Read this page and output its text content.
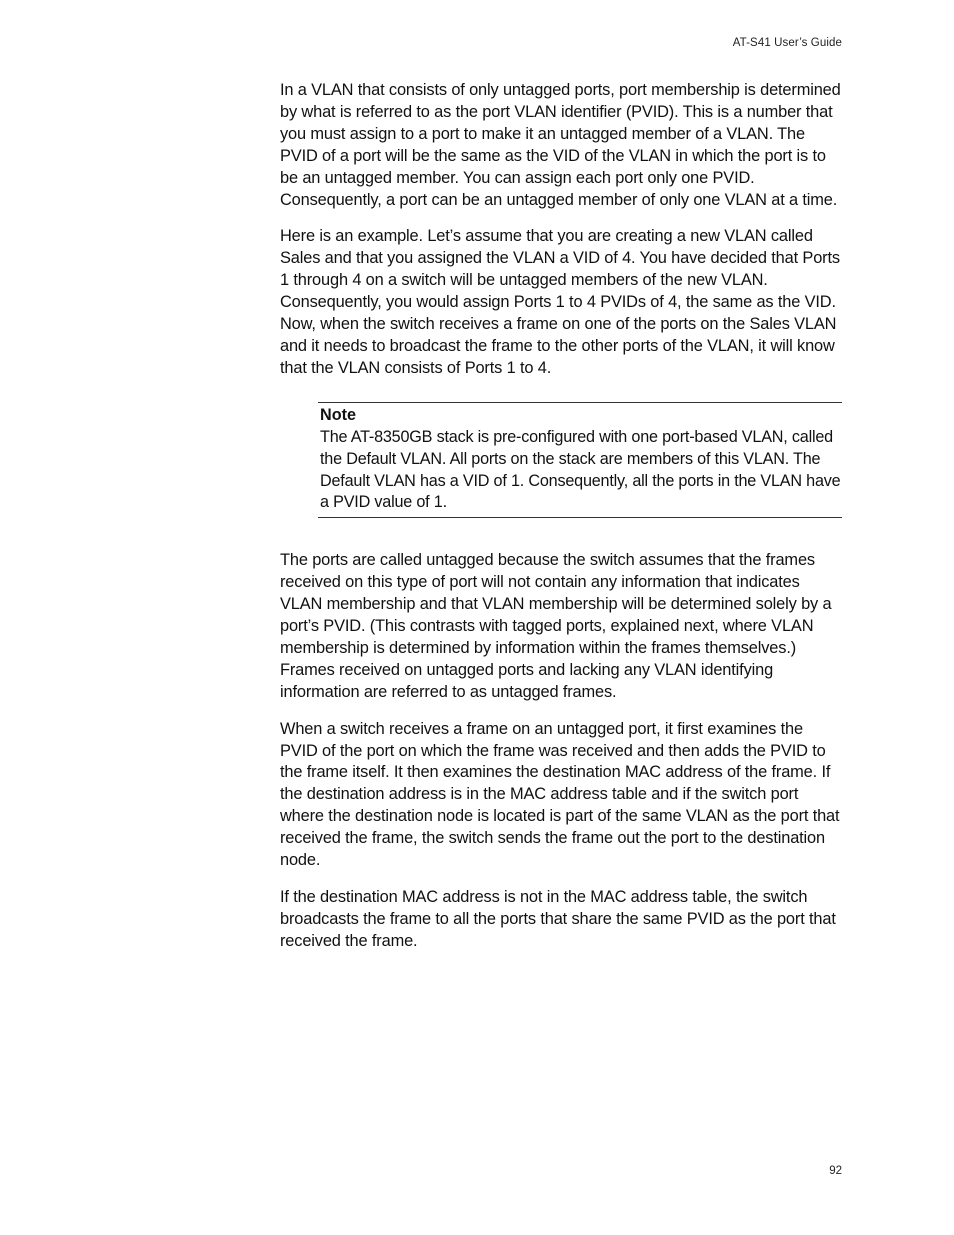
AT-S41 User’s Guide

In a VLAN that consists of only untagged ports, port membership is determined by what is referred to as the port VLAN identifier (PVID). This is a number that you must assign to a port to make it an untagged member of a VLAN. The PVID of a port will be the same as the VID of the VLAN in which the port is to be an untagged member. You can assign each port only one PVID. Consequently, a port can be an untagged member of only one VLAN at a time.

Here is an example. Let’s assume that you are creating a new VLAN called Sales and that you assigned the VLAN a VID of 4. You have decided that Ports 1 through 4 on a switch will be untagged members of the new VLAN. Consequently, you would assign Ports 1 to 4 PVIDs of 4, the same as the VID. Now, when the switch receives a frame on one of the ports on the Sales VLAN and it needs to broadcast the frame to the other ports of the VLAN, it will know that the VLAN consists of Ports 1 to 4.

Note
The AT-8350GB stack is pre-configured with one port-based VLAN, called the Default VLAN. All ports on the stack are members of this VLAN. The Default VLAN has a VID of 1. Consequently, all the ports in the VLAN have a PVID value of 1.

The ports are called untagged because the switch assumes that the frames received on this type of port will not contain any information that indicates VLAN membership and that VLAN membership will be determined solely by a port’s PVID. (This contrasts with tagged ports, explained next, where VLAN membership is determined by information within the frames themselves.) Frames received on untagged ports and lacking any VLAN identifying information are referred to as untagged frames.

When a switch receives a frame on an untagged port, it first examines the PVID of the port on which the frame was received and then adds the PVID to the frame itself. It then examines the destination MAC address of the frame. If the destination address is in the MAC address table and if the switch port where the destination node is located is part of the same VLAN as the port that received the frame, the switch sends the frame out the port to the destination node.

If the destination MAC address is not in the MAC address table, the switch broadcasts the frame to all the ports that share the same PVID as the port that received the frame.

92
